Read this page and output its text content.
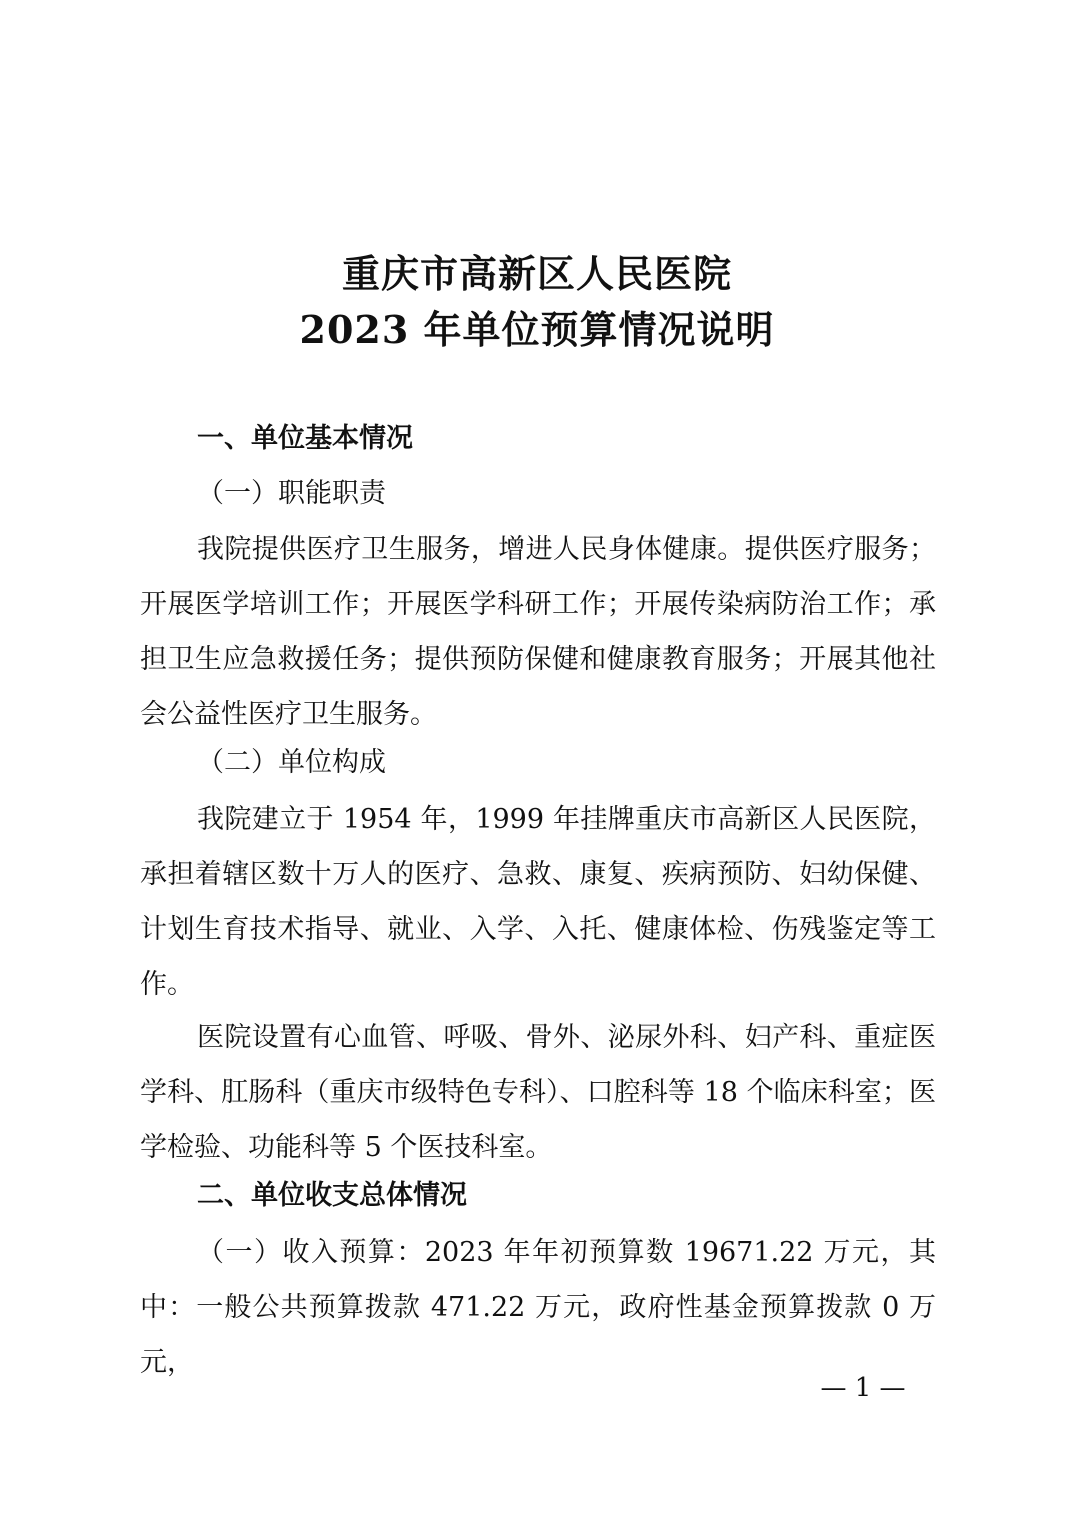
重庆市高新区人民医院
2023 年单位预算情况说明
一、单位基本情况
（一）职能职责

我院提供医疗卫生服务，增进人民身体健康。提供医疗服务；开展医学培训工作；开展医学科研工作；开展传染病防治工作；承担卫生应急救援任务；提供预防保健和健康教育服务；开展其他社会公益性医疗卫生服务。

（二）单位构成

我院建立于 1954 年，1999 年挂牌重庆市高新区人民医院，承担着辖区数十万人的医疗、急救、康复、疾病预防、妇幼保健、计划生育技术指导、就业、入学、入托、健康体检、伤残鉴定等工作。

医院设置有心血管、呼吸、骨外、泌尿外科、妇产科、重症医学科、肛肠科（重庆市级特色专科）、口腔科等 18 个临床科室；医学检验、功能科等 5 个医技科室。

二、单位收支总体情况

（一）收入预算：2023 年年初预算数 19671.22 万元，其中：一般公共预算拨款 471.22 万元，政府性基金预算拨款 0 万元，

— 1 —
